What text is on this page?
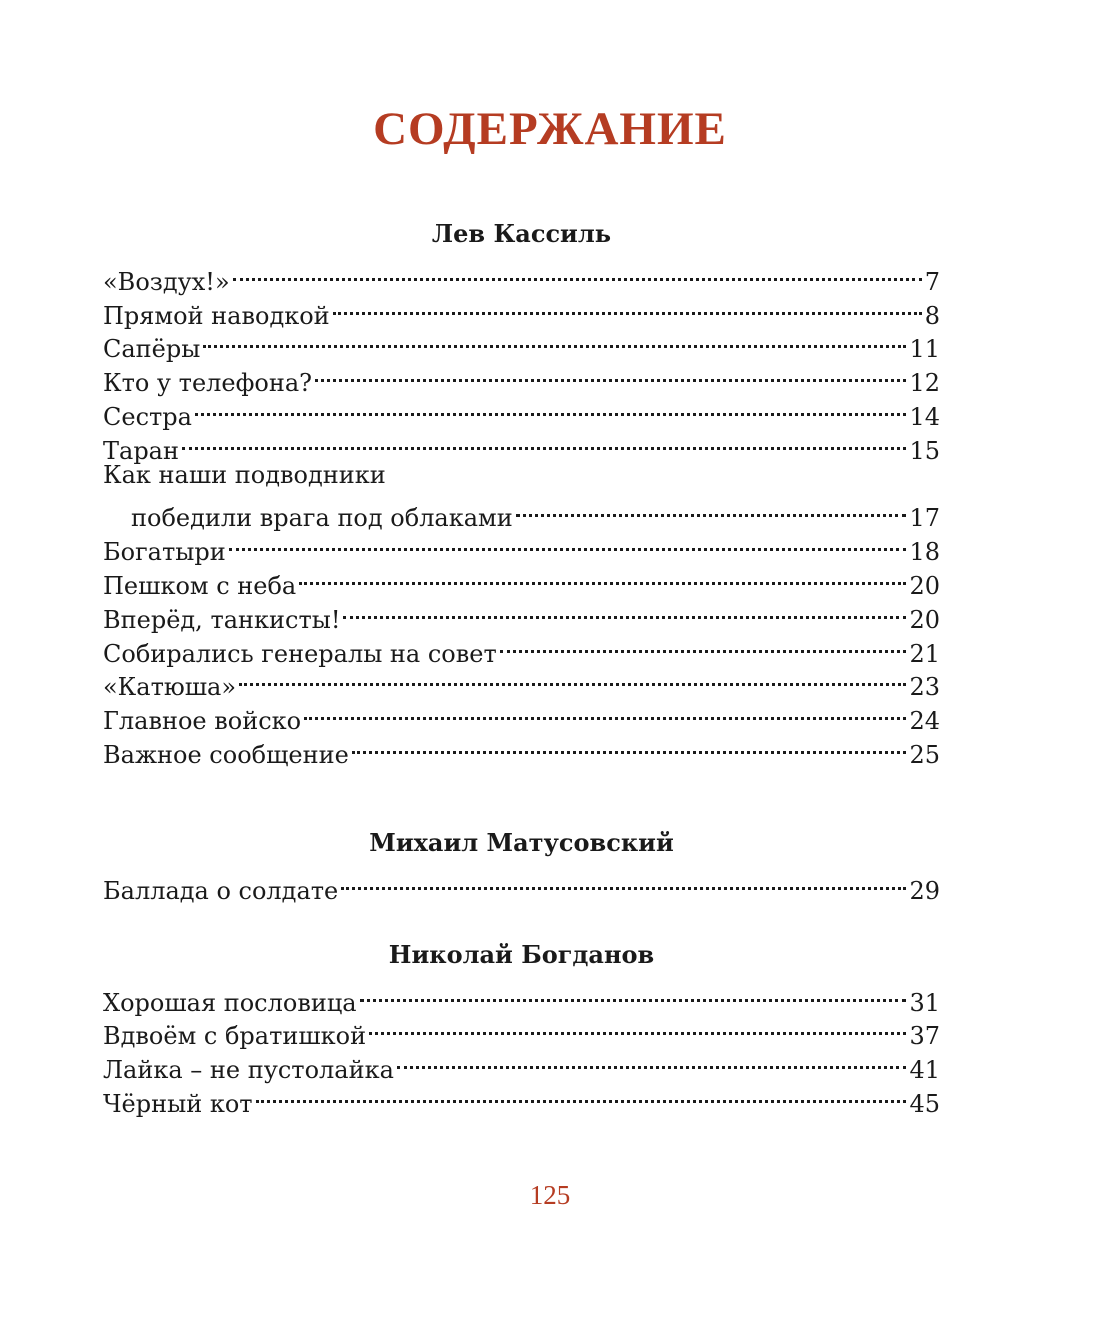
СОДЕРЖАНИЕ
Лев Кассиль
«Воздух!»	7
Прямой наводкой	8
Сапёры	11
Кто у телефона?	12
Сестра	14
Таран	15
Как наши подводники
победили врага под облаками	17
Богатыри	18
Пешком с неба	20
Вперёд, танкисты!	20
Собирались генералы на совет	21
«Катюша»	23
Главное войско	24
Важное сообщение	25
Михаил Матусовский
Баллада о солдате	29
Николай Богданов
Хорошая пословица	31
Вдвоём с братишкой	37
Лайка – не пустолайка	41
Чёрный кот	45
125
